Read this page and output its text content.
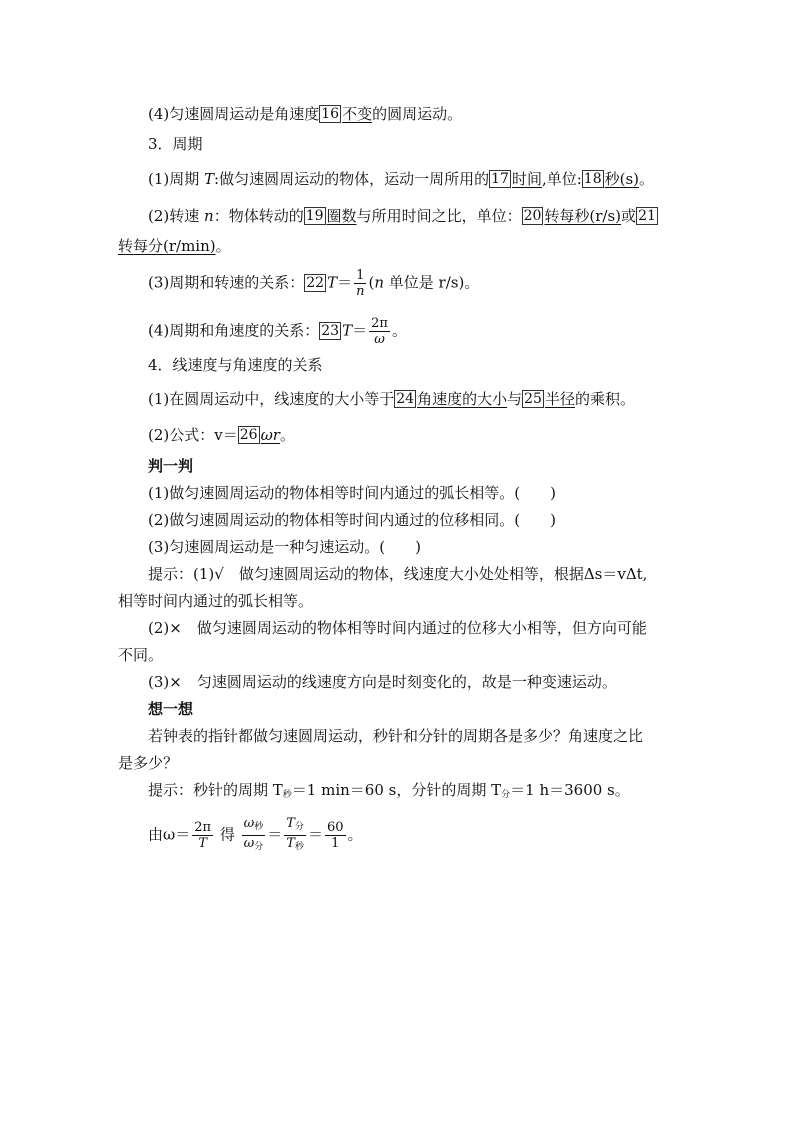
(4)匀速圆周运动是角速度 16 不变的圆周运动。
3．周期
(1)周期 T:做匀速圆周运动的物体，运动一周所用的 17 时间,单位: 18 秒(s)。
(2)转速 n：物体转动的 19 圈数与所用时间之比，单位： 20 转每秒(r/s)或 21
转每分(r/min)。
(3)周期和转速的关系： 22 $T= \frac{1}{n} (n$ 单位是 r/s)。
(4)周期和角速度的关系： 23 $T= \frac{2\pi}{\omega}$ 。
4．线速度与角速度的关系
(1)在圆周运动中，线速度的大小等于 24 角速度的大小与 25 半径的乘积。
(2)公式：v＝ 26 ωr。
判一判
(1)做匀速圆周运动的物体相等时间内通过的弧长相等。(　　)
(2)做匀速圆周运动的物体相等时间内通过的位移相同。(　　)
(3)匀速圆周运动是一种匀速运动。(　　)
提示：(1)√　做匀速圆周运动的物体，线速度大小处处相等，根据Δs＝vΔt,
相等时间内通过的弧长相等。
(2)×　做匀速圆周运动的物体相等时间内通过的位移大小相等，但方向可能
不同。
(3)×　匀速圆周运动的线速度方向是时刻变化的，故是一种变速运动。
想一想
若钟表的指针都做匀速圆周运动，秒针和分针的周期各是多少？角速度之比
是多少？
提示：秒针的周期 $T_秒=1$ min＝60 s，分针的周期 $T_分=1$ h＝3600 s。
由$\omega= \frac{2\pi}{T}$ 得 $\frac{\omega_秒}{\omega_分} = \frac{T_分}{T_秒} = \frac{60}{1}$ 。
